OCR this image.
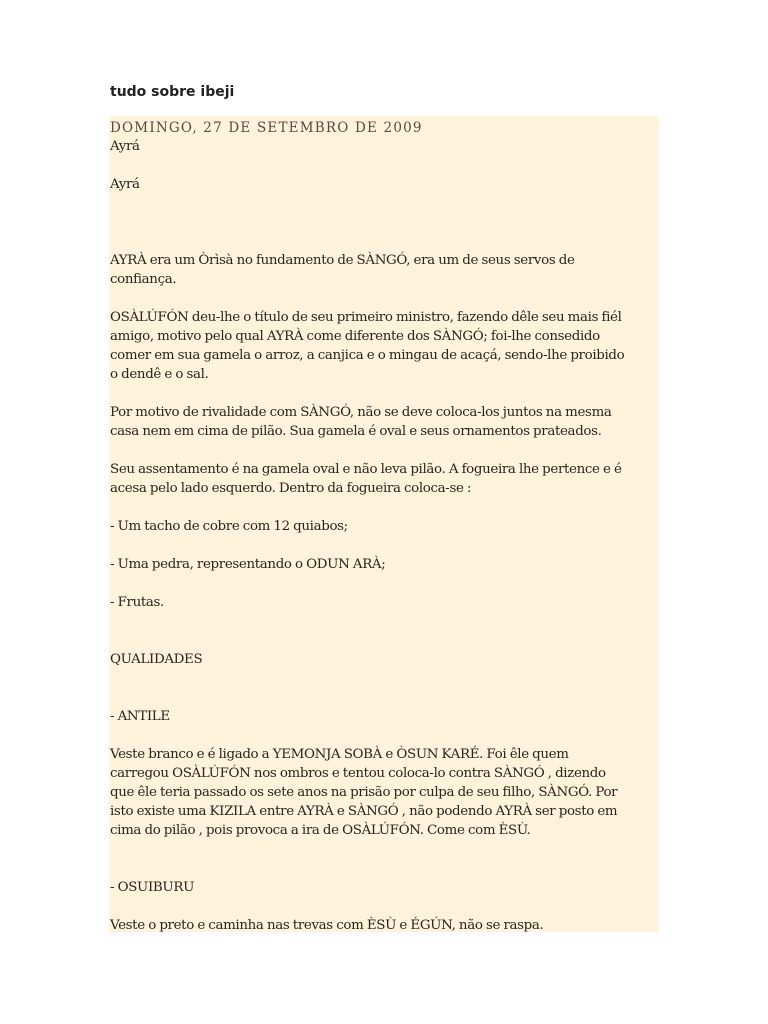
tudo sobre ibeji
DOMINGO, 27 DE SETEMBRO DE 2009

Ayrá

Ayrá

AYRÀ era um Òrìsà no fundamento de SÀNGÓ, era um de seus servos de

confiança.

OSÀLÚFÓN deu-lhe o título de seu primeiro ministro, fazendo dêle seu mais fiél

amigo, motivo pelo qual AYRÀ come diferente dos SÀNGÓ; foi-lhe consedido

comer em sua gamela o arroz, a canjica e o mingau de acaçá, sendo-lhe proibido

o dendê e o sal.

Por motivo de rivalidade com SÀNGÓ, não se deve coloca-los juntos na mesma

casa nem em cima de pilão. Sua gamela é oval e seus ornamentos prateados.

Seu assentamento é na gamela oval e não leva pilão. A fogueira lhe pertence e é

acesa pelo lado esquerdo. Dentro da fogueira coloca-se :

- Um tacho de cobre com 12 quiabos;

- Uma pedra, representando o ODUN ARÀ;

- Frutas.

QUALIDADES

- ANTILE

Veste branco e é ligado a YEMONJA SOBÀ e ÒSUN KARÉ. Foi êle quem

carregou OSÀLÚFÓN nos ombros e tentou coloca-lo contra SÀNGÓ , dizendo

que êle teria passado os sete anos na prisão por culpa de seu filho, SÀNGÓ. Por

isto existe uma KIZILA entre AYRÀ e SÀNGÓ , não podendo AYRÀ ser posto em

cima do pilão , pois provoca a ira de OSÀLÚFÓN. Come com ÈSÙ.

- OSUIBURU

Veste o preto e caminha nas trevas com ÈSÙ e ÉGÚN, não se raspa.
